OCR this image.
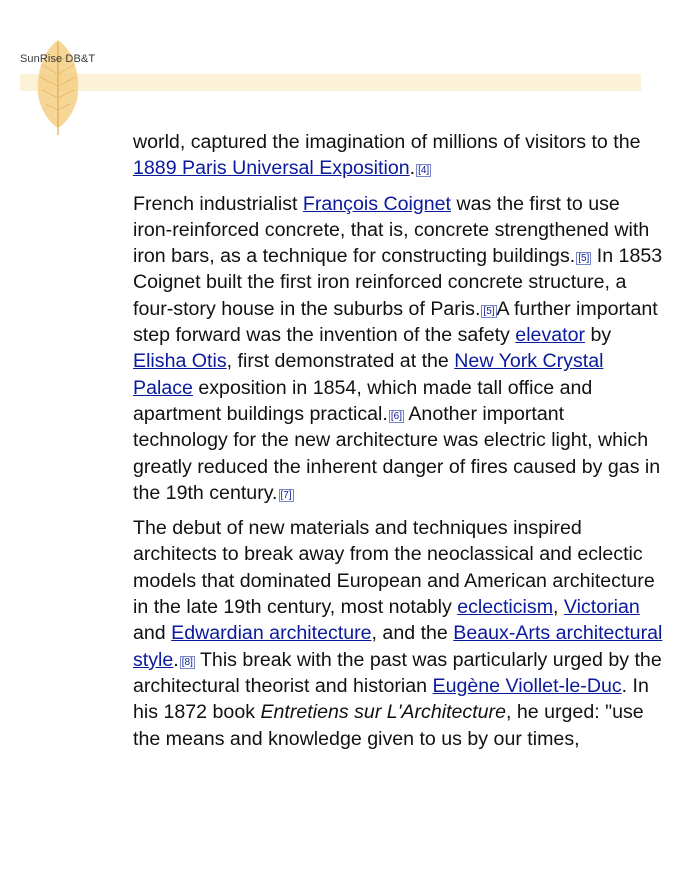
SunRise DB&T

world, captured the imagination of millions of visitors to the 1889 Paris Universal Exposition. [4]

French industrialist François Coignet was the first to use iron-reinforced concrete, that is, concrete strengthened with iron bars, as a technique for constructing buildings. [5] In 1853 Coignet built the first iron reinforced concrete structure, a four-story house in the suburbs of Paris. [5] A further important step forward was the invention of the safety elevator by Elisha Otis, first demonstrated at the New York Crystal Palace exposition in 1854, which made tall office and apartment buildings practical. [6] Another important technology for the new architecture was electric light, which greatly reduced the inherent danger of fires caused by gas in the 19th century. [7]

The debut of new materials and techniques inspired architects to break away from the neoclassical and eclectic models that dominated European and American architecture in the late 19th century, most notably eclecticism, Victorian and Edwardian architecture, and the Beaux-Arts architectural style. [8] This break with the past was particularly urged by the architectural theorist and historian Eugène Viollet-le-Duc. In his 1872 book Entretiens sur L'Architecture, he urged: "use the means and knowledge given to us by our times,
